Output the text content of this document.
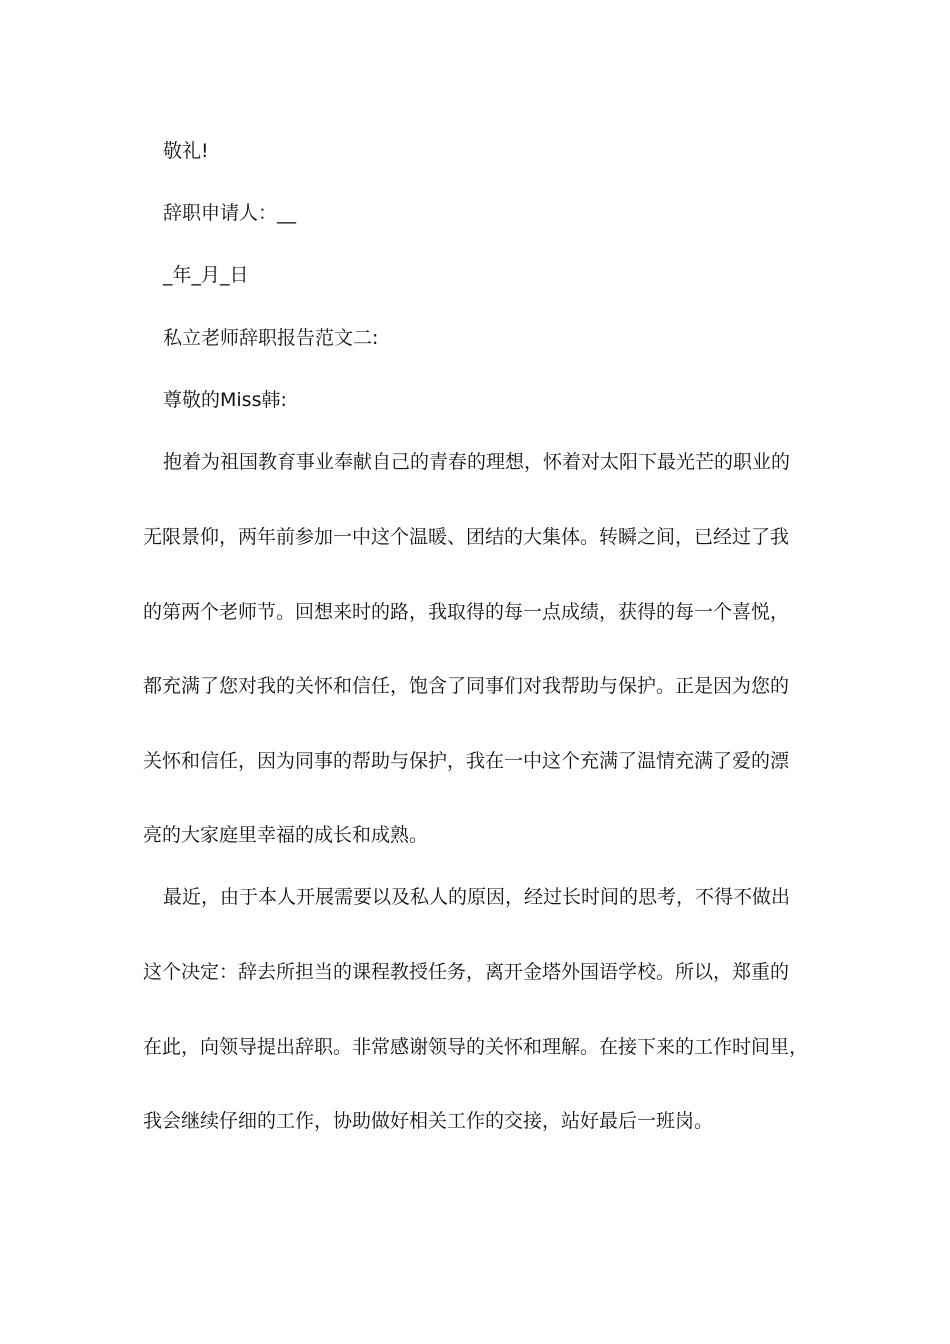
敬礼!
辞职申请人：__
_年_月_日
私立老师辞职报告范文二:
尊敬的Miss韩:
抱着为祖国教育事业奉献自己的青春的理想，怀着对太阳下最光芒的职业的
无限景仰，两年前参加一中这个温暖、团结的大集体。转瞬之间，已经过了我
的第两个老师节。回想来时的路，我取得的每一点成绩，获得的每一个喜悦，
都充满了您对我的关怀和信任，饱含了同事们对我帮助与保护。正是因为您的
关怀和信任，因为同事的帮助与保护，我在一中这个充满了温情充满了爱的漂
亮的大家庭里幸福的成长和成熟。
最近，由于本人开展需要以及私人的原因，经过长时间的思考，不得不做出
这个决定：辞去所担当的课程教授任务，离开金塔外国语学校。所以，郑重的
在此，向领导提出辞职。非常感谢领导的关怀和理解。在接下来的工作时间里，
我会继续仔细的工作，协助做好相关工作的交接，站好最后一班岗。
